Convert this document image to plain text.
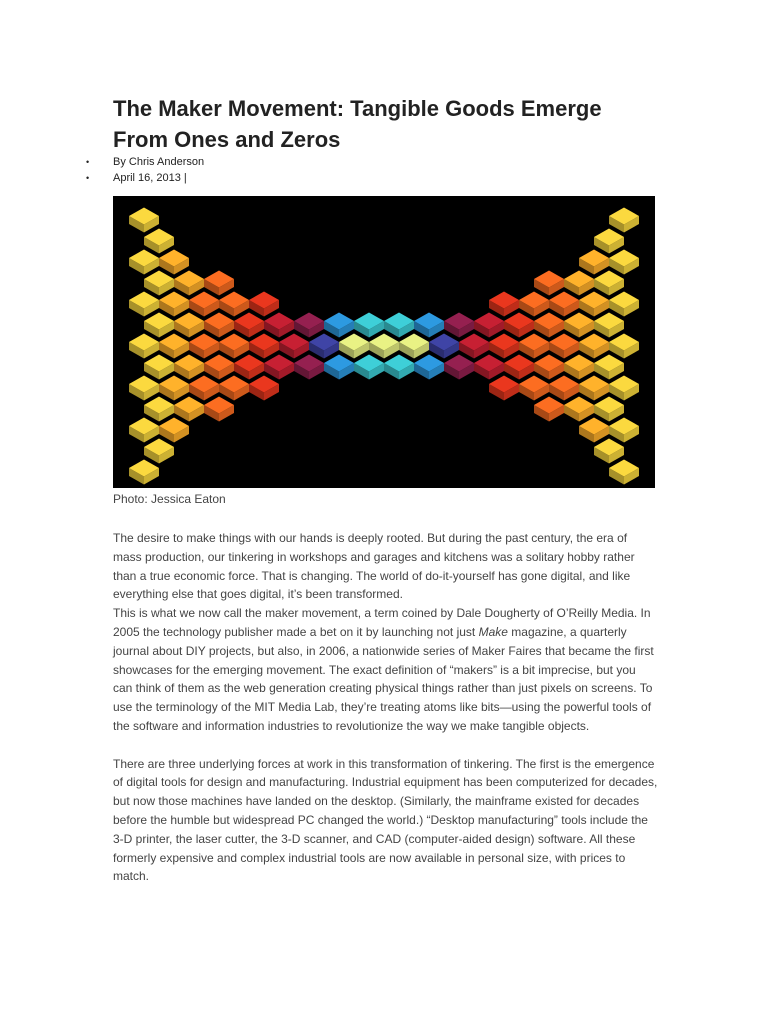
The Maker Movement: Tangible Goods Emerge From Ones and Zeros
• By Chris Anderson
• April 16, 2013 |
Photo: Jessica Eaton

The desire to make things with our hands is deeply rooted. But during the past century, the era of mass production, our tinkering in workshops and garages and kitchens was a solitary hobby rather than a true economic force. That is changing. The world of do-it-yourself has gone digital, and like everything else that goes digital, it’s been transformed.

This is what we now call the maker movement, a term coined by Dale Dougherty of O’Reilly Media. In 2005 the technology publisher made a bet on it by launching not just Make magazine, a quarterly journal about DIY projects, but also, in 2006, a nationwide series of Maker Faires that became the first showcases for the emerging movement. The exact definition of “makers” is a bit imprecise, but you can think of them as the web generation creating physical things rather than just pixels on screens. To use the terminology of the MIT Media Lab, they’re treating atoms like bits—using the powerful tools of the software and information industries to revolutionize the way we make tangible objects.

There are three underlying forces at work in this transformation of tinkering. The first is the emergence of digital tools for design and manufacturing. Industrial equipment has been computerized for decades, but now those machines have landed on the desktop. (Similarly, the mainframe existed for decades before the humble but widespread PC changed the world.) “Desktop manufacturing” tools include the 3-D printer, the laser cutter, the 3-D scanner, and CAD (computer-aided design) software. All these formerly expensive and complex industrial tools are now available in personal size, with prices to match.
